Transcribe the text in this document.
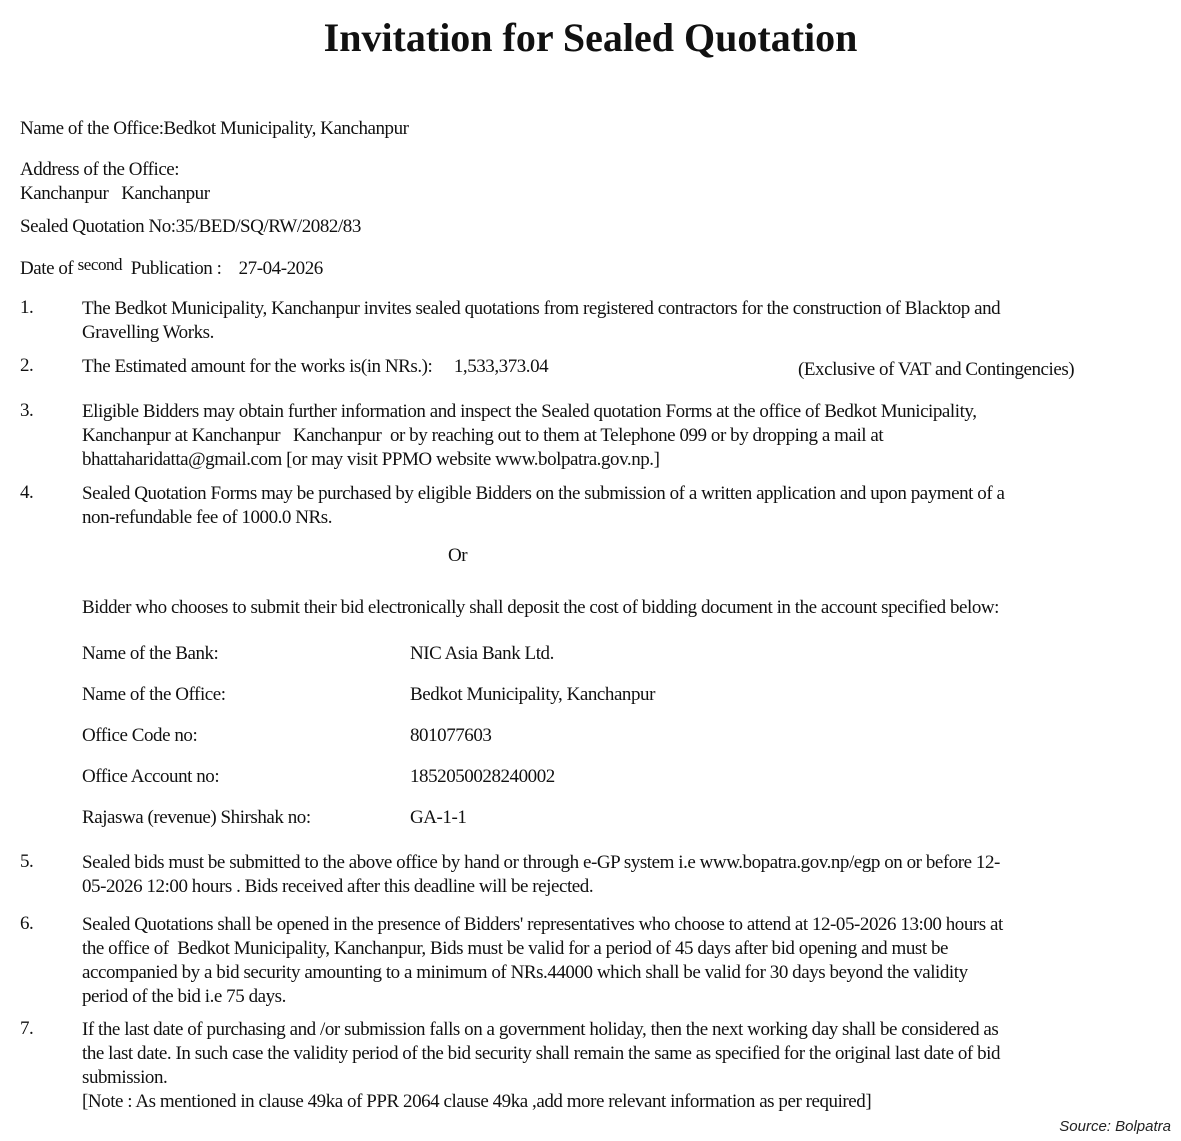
Invitation for Sealed Quotation
Name of the Office:Bedkot Municipality, Kanchanpur
Address of the Office:
Kanchanpur   Kanchanpur
Sealed Quotation No:35/BED/SQ/RW/2082/83
Date of second  Publication :    27-04-2026
1.	The Bedkot Municipality, Kanchanpur invites sealed quotations from registered contractors for the construction of Blacktop and
Gravelling Works.
2.	The Estimated amount for the works is(in NRs.):     1,533,373.04	(Exclusive of VAT and Contingencies)
3.	Eligible Bidders may obtain further information and inspect the Sealed quotation Forms at the office of Bedkot Municipality,
Kanchanpur at Kanchanpur   Kanchanpur  or by reaching out to them at Telephone 099 or by dropping a mail at
bhattaharidatta@gmail.com [or may visit PPMO website www.bolpatra.gov.np.]
4.	Sealed Quotation Forms may be purchased by eligible Bidders on the submission of a written application and upon payment of a
non-refundable fee of 1000.0 NRs.
5.	Sealed bids must be submitted to the above office by hand or through e-GP system i.e www.bopatra.gov.np/egp on or before 12-
05-2026 12:00 hours . Bids received after this deadline will be rejected.
6.	Sealed Quotations shall be opened in the presence of Bidders' representatives who choose to attend at 12-05-2026 13:00 hours at
the office of  Bedkot Municipality, Kanchanpur, Bids must be valid for a period of 45 days after bid opening and must be
accompanied by a bid security amounting to a minimum of NRs.44000 which shall be valid for 30 days beyond the validity
period of the bid i.e 75 days.
7.	If the last date of purchasing and /or submission falls on a government holiday, then the next working day shall be considered as
the last date. In such case the validity period of the bid security shall remain the same as specified for the original last date of bid
submission.
[Note : As mentioned in clause 49ka of PPR 2064 clause 49ka ,add more relevant information as per required]
Or
Bidder who chooses to submit their bid electronically shall deposit the cost of bidding document in the account specified below:
Name of the Bank:	NIC Asia Bank Ltd.
Name of the Office:	Bedkot Municipality, Kanchanpur
Office Code no:	801077603
Office Account no:	1852050028240002
Rajaswa (revenue) Shirshak no:	GA-1-1
Source: Bolpatra
